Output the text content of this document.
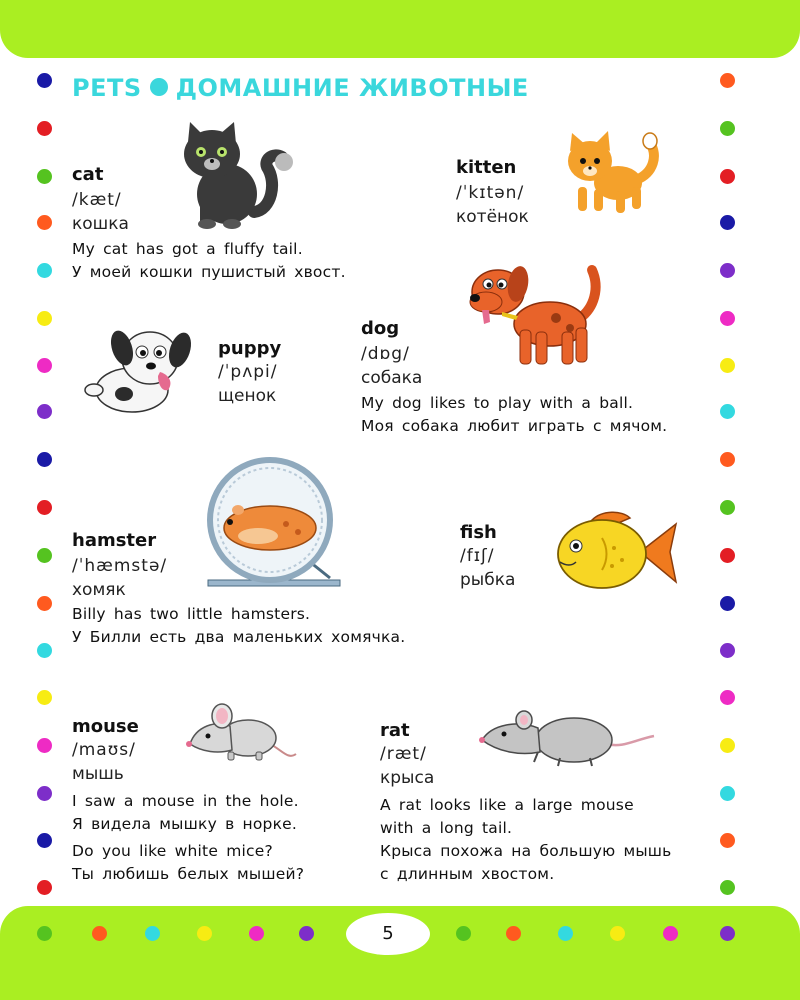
PETS ДОМАШНИЕ ЖИВОТНЫЕ
cat
/kæt/
кошка
My cat has got a fluffy tail.
У моей кошки пушистый хвост.
kitten
/ˈkɪtən/
котёнок
puppy
/ˈpʌpi/
щенок
dog
/dɒg/
собака
My dog likes to play with a ball.
Моя собака любит играть с мячом.
hamster
/ˈhæmstə/
хомяк
Billy has two little hamsters.
У Билли есть два маленьких хомячка.
fish
/fɪʃ/
рыбка
mouse
/maʊs/
мышь
I saw a mouse in the hole.
Я видела мышку в норке.
Do you like white mice?
Ты любишь белых мышей?
rat
/ræt/
крыса
A rat looks like a large mouse
with a long tail.
Крыса похожа на большую мышь
с длинным хвостом.
5
